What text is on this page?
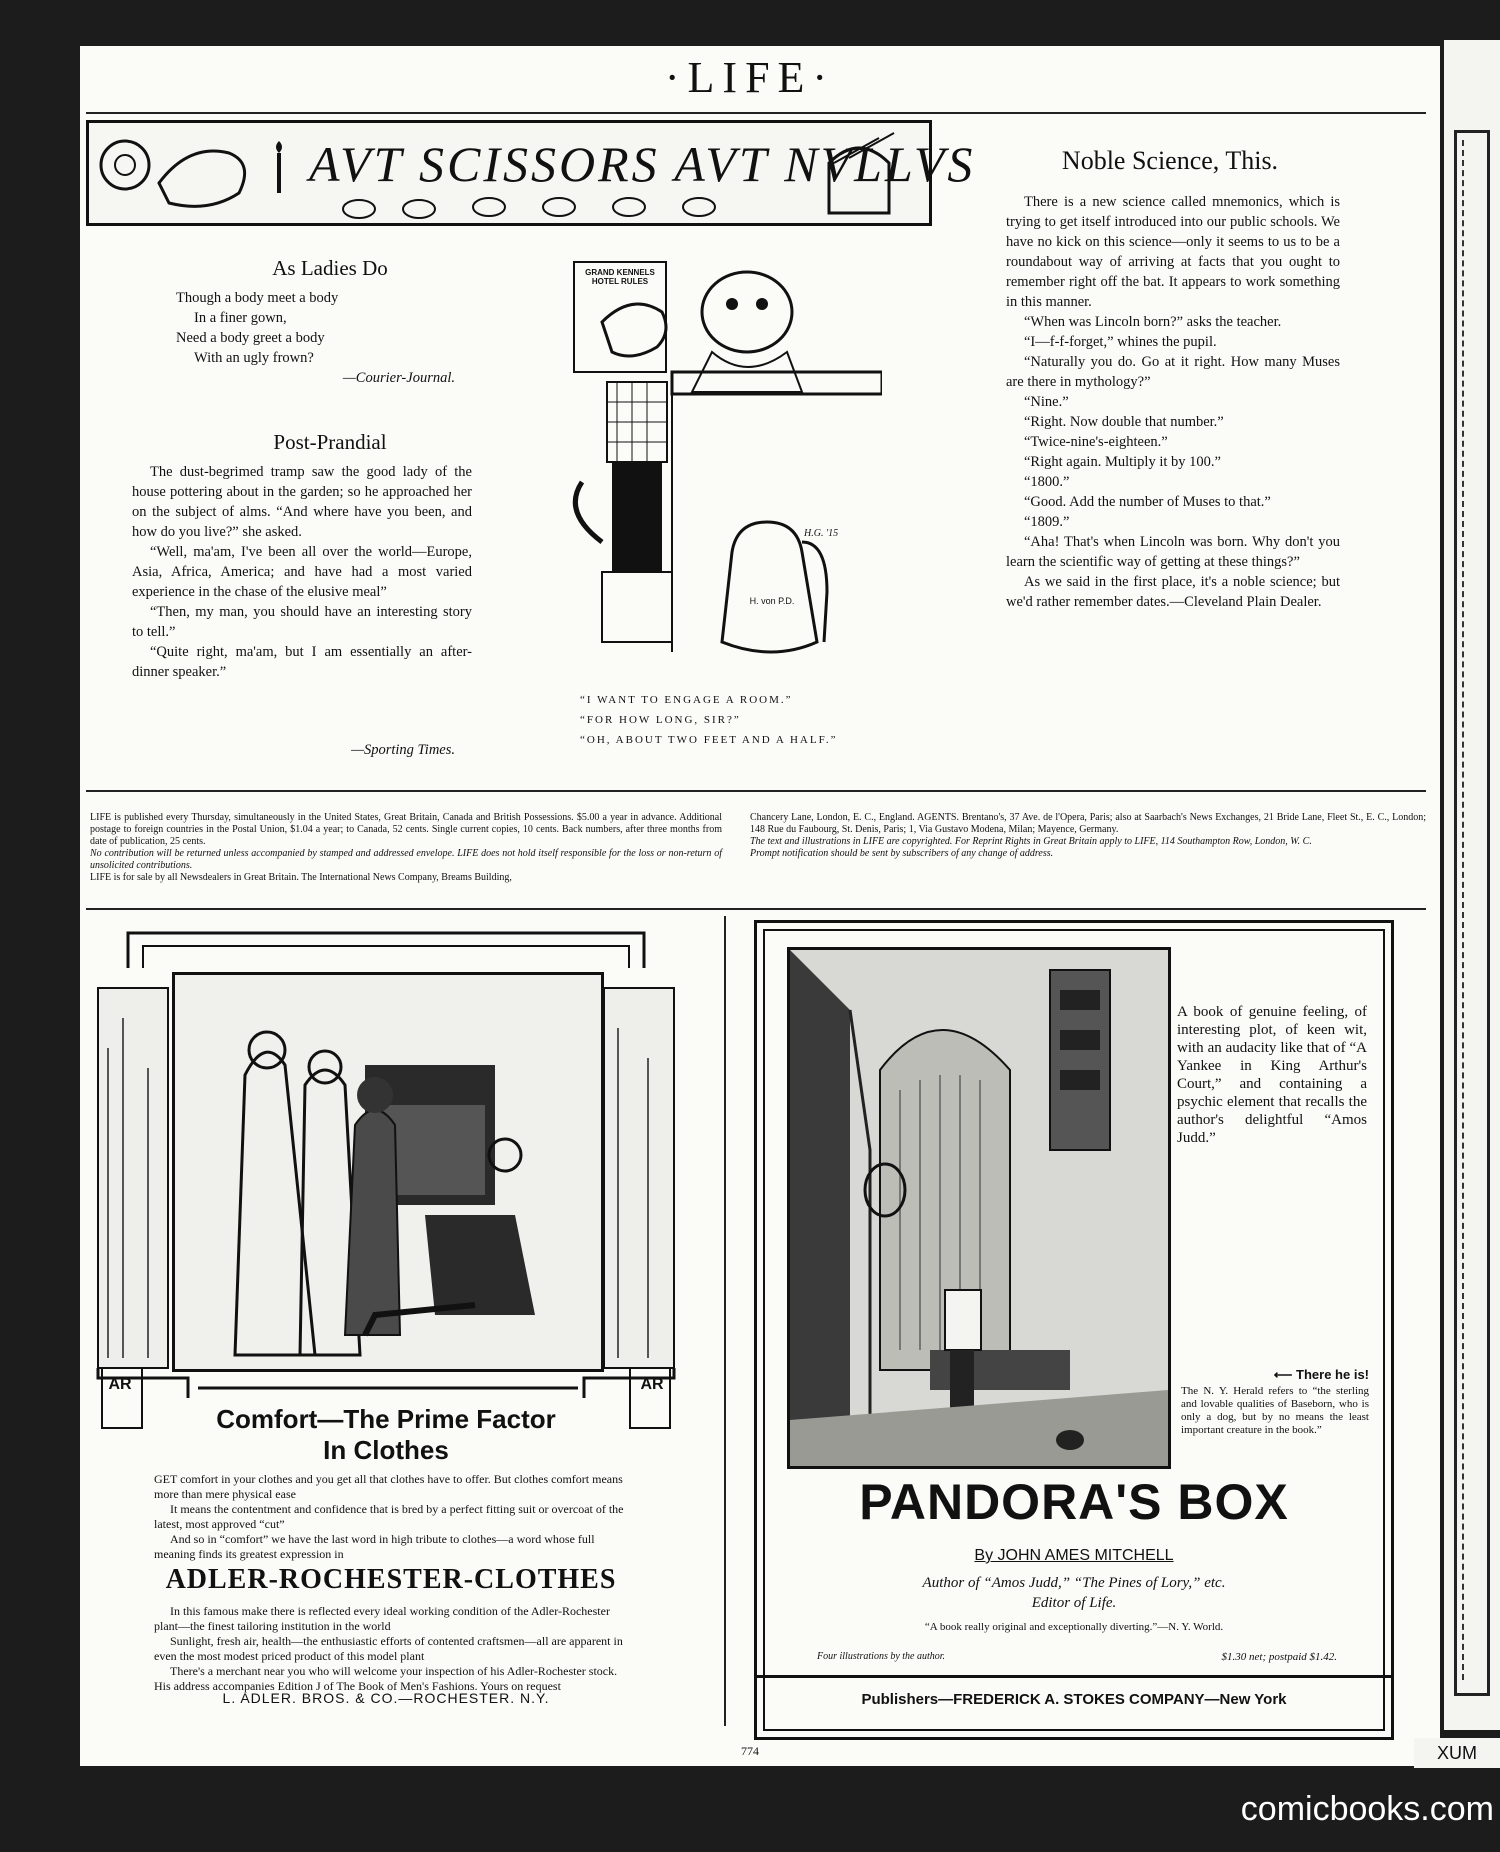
·LIFE·
AVT SCISSORS AVT NVLLVS
As Ladies Do
Though a body meet a body
In a finer gown,
Need a body greet a body
With an ugly frown?
—Courier-Journal.
Post-Prandial
The dust-begrimed tramp saw the good lady of the house pottering about in the garden; so he approached her on the subject of alms. “And where have you been, and how do you live?” she asked.
“Well, ma'am, I've been all over the world—Europe, Asia, Africa, America; and have had a most varied experience in the chase of the elusive meal”
“Then, my man, you should have an interesting story to tell.”
“Quite right, ma'am, but I am essentially an after-dinner speaker.”
—Sporting Times.
GRAND KENNELS
HOTEL RULES
H. von P.D.
H.G. '15
“I WANT TO ENGAGE A ROOM.”
“FOR HOW LONG, SIR?”
“OH, ABOUT TWO FEET AND A HALF.”
Noble Science, This.
There is a new science called mnemonics, which is trying to get itself introduced into our public schools. We have no kick on this science—only it seems to us to be a roundabout way of arriving at facts that you ought to remember right off the bat. It appears to work something in this manner.
“When was Lincoln born?” asks the teacher.
“I—f-f-forget,” whines the pupil.
“Naturally you do. Go at it right. How many Muses are there in mythology?”
“Nine.”
“Right. Now double that number.”
“Twice-nine's-eighteen.”
“Right again. Multiply it by 100.”
“1800.”
“Good. Add the number of Muses to that.”
“1809.”
“Aha! That's when Lincoln was born. Why don't you learn the scientific way of getting at these things?”
As we said in the first place, it's a noble science; but we'd rather remember dates.—Cleveland Plain Dealer.
LIFE is published every Thursday, simultaneously in the United States, Great Britain, Canada and British Possessions. $5.00 a year in advance. Additional postage to foreign countries in the Postal Union, $1.04 a year; to Canada, 52 cents. Single current copies, 10 cents. Back numbers, after three months from date of publication, 25 cents.
No contribution will be returned unless accompanied by stamped and addressed envelope. LIFE does not hold itself responsible for the loss or non-return of unsolicited contributions.
LIFE is for sale by all Newsdealers in Great Britain. The International News Company, Breams Building,
Chancery Lane, London, E. C., England. AGENTS. Brentano's, 37 Ave. de l'Opera, Paris; also at Saarbach's News Exchanges, 21 Bride Lane, Fleet St., E. C., London; 148 Rue du Faubourg, St. Denis, Paris; 1, Via Gustavo Modena, Milan; Mayence, Germany.
The text and illustrations in LIFE are copyrighted. For Reprint Rights in Great Britain apply to LIFE, 114 Southampton Row, London, W. C.
Prompt notification should be sent by subscribers of any change of address.
AR	AR
Comfort—The Prime Factor
In Clothes
GET comfort in your clothes and you get all that clothes have to offer. But clothes comfort means more than mere physical ease
It means the contentment and confidence that is bred by a perfect fitting suit or overcoat of the latest, most approved “cut”
And so in “comfort” we have the last word in high tribute to clothes—a word whose full meaning finds its greatest expression in
ADLER-ROCHESTER-CLOTHES
In this famous make there is reflected every ideal working condition of the Adler-Rochester plant—the finest tailoring institution in the world
Sunlight, fresh air, health—the enthusiastic efforts of contented craftsmen—all are apparent in even the most modest priced product of this model plant
There's a merchant near you who will welcome your inspection of his Adler-Rochester stock. His address accompanies Edition J of The Book of Men's Fashions. Yours on request
L. ADLER. BROS. & CO.—ROCHESTER. N.Y.
A book of genuine feeling, of interesting plot, of keen wit, with an audacity like that of “A Yankee in King Arthur's Court,” and containing a psychic element that recalls the author's delightful “Amos Judd.”
⟵ There he is!
The N. Y. Herald refers to “the sterling and lovable qualities of Baseborn, who is only a dog, but by no means the least important creature in the book.”
PANDORA'S BOX
By JOHN AMES MITCHELL
Author of “Amos Judd,” “The Pines of Lory,” etc.
Editor of Life.
“A book really original and exceptionally diverting.”—N. Y. World.
Four illustrations by the author.	$1.30 net; postpaid $1.42.
Publishers—FREDERICK A. STOKES COMPANY—New York
774	XUM
comicbooks.com
